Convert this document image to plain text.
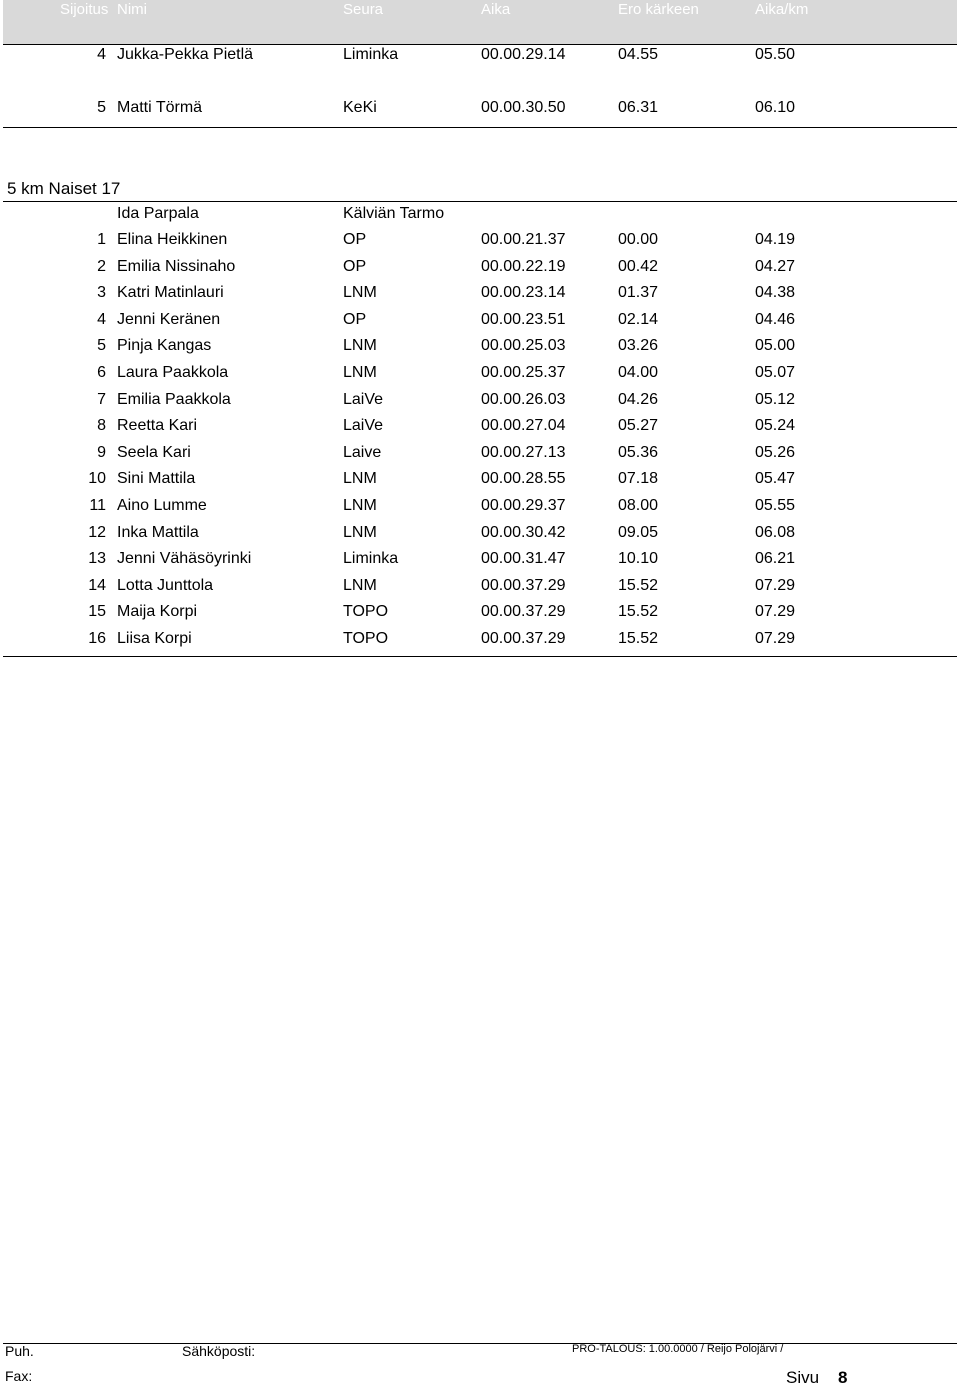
Sijoitus Nimi	Seura	Aika	Ero kärkeen	Aika/km
4 Jukka-Pekka Pietlä	Liminka	00.00.29.14	04.55	05.50
5 Matti Törmä	KeKi	00.00.30.50	06.31	06.10
5 km Naiset 17
Ida Parpala	Kälviän Tarmo
1 Elina Heikkinen	OP	00.00.21.37	00.00	04.19
2 Emilia Nissinaho	OP	00.00.22.19	00.42	04.27
3 Katri Matinlauri	LNM	00.00.23.14	01.37	04.38
4 Jenni Keränen	OP	00.00.23.51	02.14	04.46
5 Pinja Kangas	LNM	00.00.25.03	03.26	05.00
6 Laura Paakkola	LNM	00.00.25.37	04.00	05.07
7 Emilia Paakkola	LaiVe	00.00.26.03	04.26	05.12
8 Reetta Kari	LaiVe	00.00.27.04	05.27	05.24
9 Seela Kari	Laive	00.00.27.13	05.36	05.26
10 Sini Mattila	LNM	00.00.28.55	07.18	05.47
11 Aino Lumme	LNM	00.00.29.37	08.00	05.55
12 Inka Mattila	LNM	00.00.30.42	09.05	06.08
13 Jenni Vähäsöyrinki	Liminka	00.00.31.47	10.10	06.21
14 Lotta Junttola	LNM	00.00.37.29	15.52	07.29
15 Maija Korpi	TOPO	00.00.37.29	15.52	07.29
16 Liisa Korpi	TOPO	00.00.37.29	15.52	07.29
Puh.	Sähköposti:	PRO-TALOUS: 1.00.0000 / Reijo Polojärvi /
Fax:	Sivu 8
